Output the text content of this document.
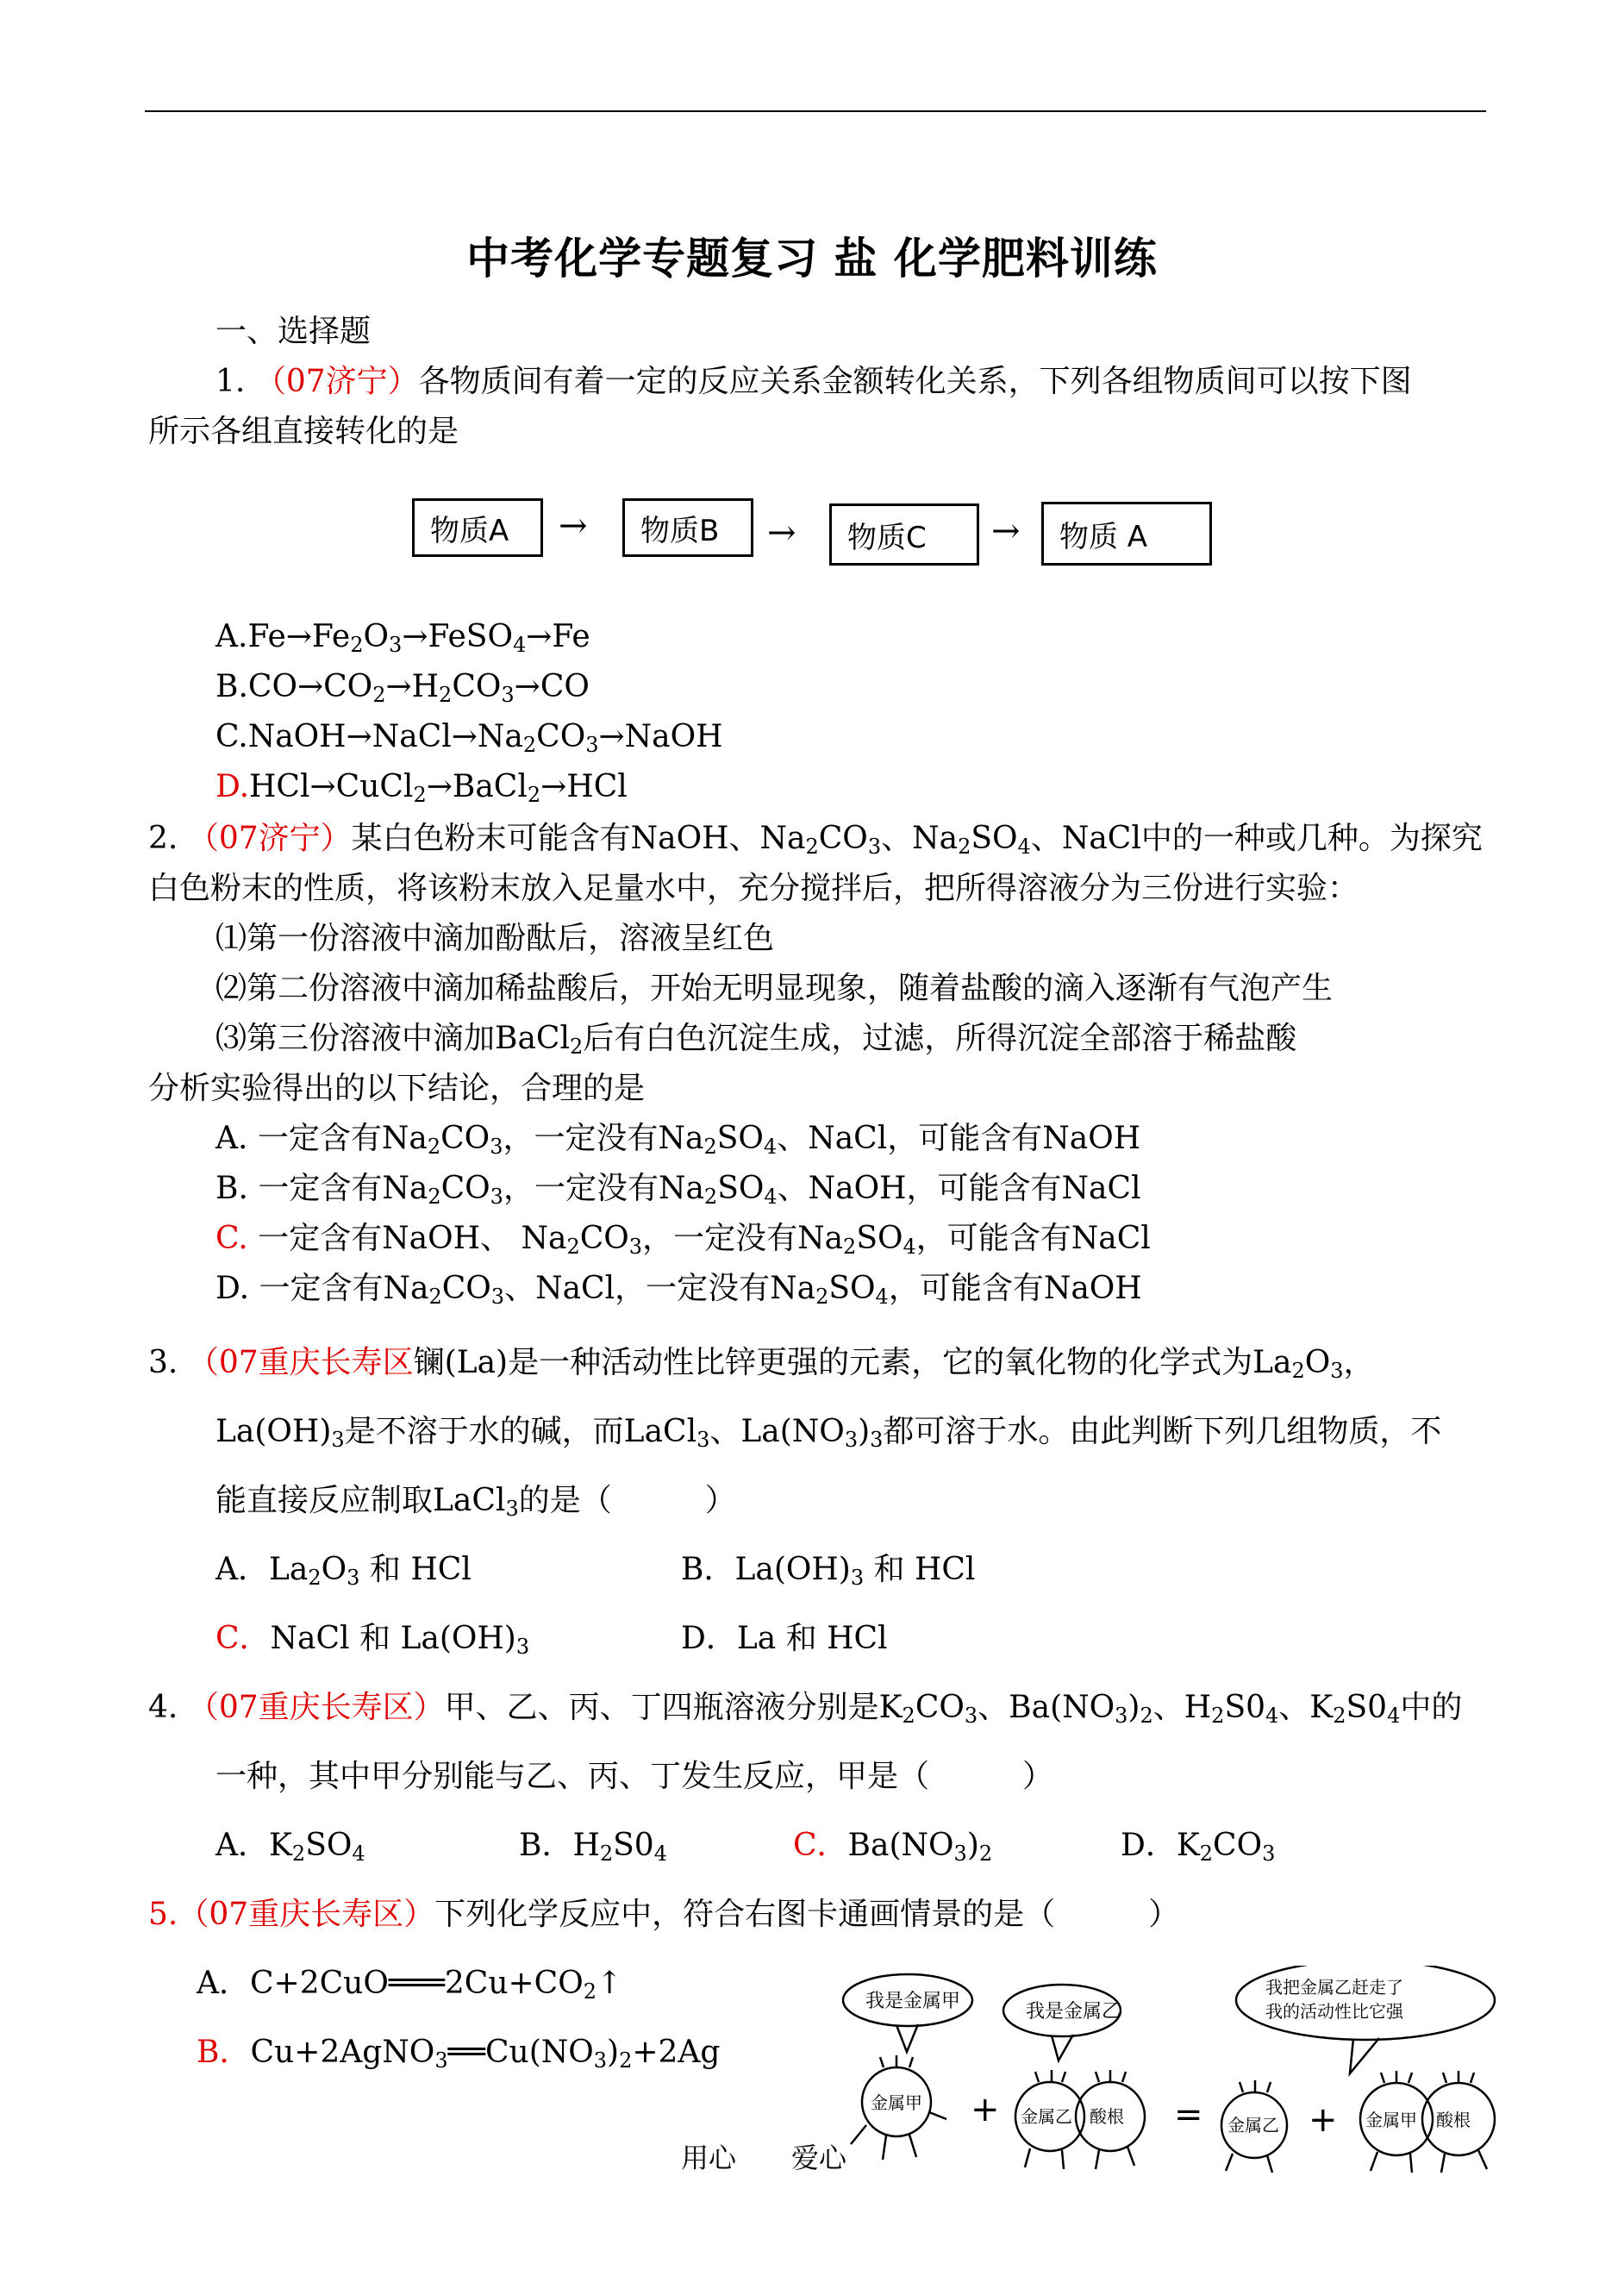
中考化学专题复习 盐 化学肥料训练
一、选择题
1. （07济宁）各物质间有着一定的反应关系金额转化关系，下列各组物质间可以按下图
所示各组直接转化的是
物质A	→	物质B	→	物质C	→	物质 A
$A.Fe\to Fe_2O_3\to FeSO_4\to Fe$
$B.CO\to CO_2\to H_2CO_3\to CO$
$C.NaOH\to NaCl\to Na_2CO_3\to NaOH$
D.HCl→CuCl$_2$→BaCl$_2$→HCl
2. （07济宁）某白色粉末可能含有NaOH、$Na_2CO_3$、$Na_2SO_4$、NaCl中的一种或几种。为探究
白色粉末的性质，将该粉末放入足量水中，充分搅拌后，把所得溶液分为三份进行实验：
⑴第一份溶液中滴加酚酞后，溶液呈红色
⑵第二份溶液中滴加稀盐酸后，开始无明显现象，随着盐酸的滴入逐渐有气泡产生
⑶第三份溶液中滴加BaCl$_2$后有白色沉淀生成，过滤，所得沉淀全部溶于稀盐酸
分析实验得出的以下结论，合理的是
A. 一定含有$Na_2CO_3$，一定没有$Na_2SO_4$、NaCl，可能含有NaOH
B. 一定含有$Na_2CO_3$，一定没有$Na_2SO_4$、NaOH，可能含有NaCl
C. 一定含有NaOH、 $Na_2CO_3$，一定没有$Na_2SO_4$，可能含有NaCl
D. 一定含有$Na_2CO_3$、NaCl，一定没有$Na_2SO_4$，可能含有NaOH
3. （07重庆长寿区镧(La)是一种活动性比锌更强的元素，它的氧化物的化学式为$La_2O_3$，
$La(OH)_3$是不溶于水的碱，而LaCl$_3$、$La(NO_3)_3$都可溶于水。由此判断下列几组物质，不
能直接反应制取LaCl$_3$的是（　　　）
A．$La_2O_3$ 和 HCl	B．$La(OH)_3$ 和 HCl
C．NaCl 和 $La(OH)_3$	D．La 和 HCl
4. （07重庆长寿区）甲、乙、丙、丁四瓶溶液分别是$K_2CO_3$、$Ba(NO_3)_2$、$H_2S0_4$、$K_2S0_4$中的
一种，其中甲分别能与乙、丙、丁发生反应，甲是（　　　）
A．$K_2SO_4$	B．$H_2S0_4$	C．$Ba(NO_3)_2$	D．$K_2CO_3$
5.（07重庆长寿区）下列化学反应中，符合右图卡通画情景的是（　　　）
A．$C+2CuO═══2Cu+CO_2↑$
B．$Cu+2AgNO_3══Cu(NO_3)_2+2Ag$
我是金属甲	我是金属乙
我把金属乙赶走了
我的活动性比它强
金属甲 + 金属乙 酸根 = 金属乙 + 金属甲 酸根
用心　　爱心
